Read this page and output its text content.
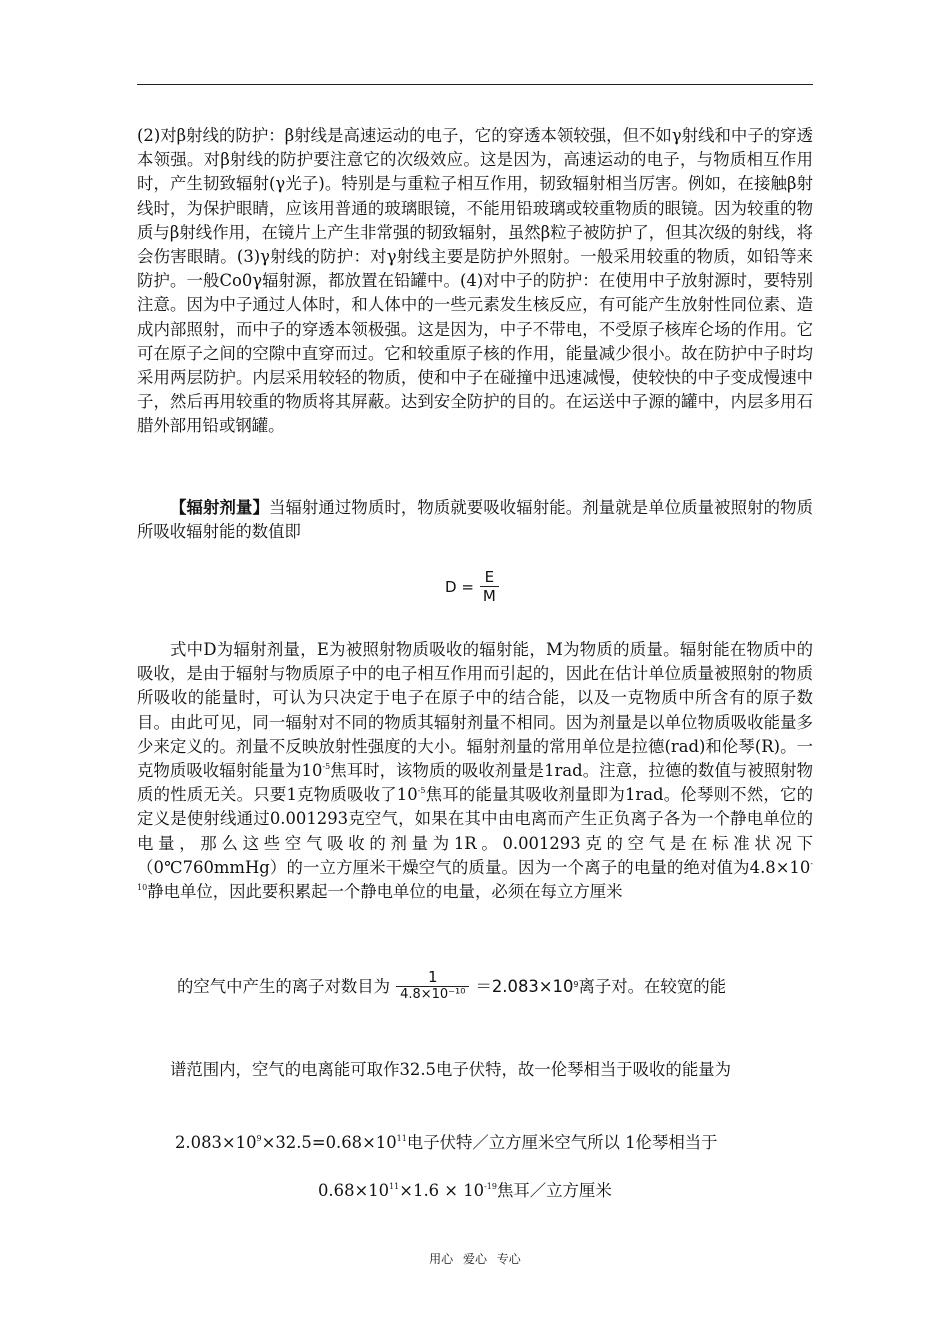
(2)对β射线的防护：β射线是高速运动的电子，它的穿透本领较强，但不如γ射线和中子的穿透本领强。对β射线的防护要注意它的次级效应。这是因为，高速运动的电子，与物质相互作用时，产生韧致辐射(γ光子)。特别是与重粒子相互作用，韧致辐射相当厉害。例如，在接触β射线时，为保护眼睛，应该用普通的玻璃眼镜，不能用铅玻璃或较重物质的眼镜。因为较重的物质与β射线作用，在镜片上产生非常强的韧致辐射，虽然β粒子被防护了，但其次级的射线，将会伤害眼睛。(3)γ射线的防护：对γ射线主要是防护外照射。一般采用较重的物质，如铅等来防护。一般Co0γ辐射源，都放置在铅罐中。(4)对中子的防护：在使用中子放射源时，要特别注意。因为中子通过人体时，和人体中的一些元素发生核反应，有可能产生放射性同位素、造成内部照射，而中子的穿透本领极强。这是因为，中子不带电，不受原子核库仑场的作用。它可在原子之间的空隙中直穿而过。它和较重原子核的作用，能量减少很小。故在防护中子时均采用两层防护。内层采用较轻的物质，使和中子在碰撞中迅速减慢，使较快的中子变成慢速中子，然后再用较重的物质将其屏蔽。达到安全防护的目的。在运送中子源的罐中，内层多用石腊外部用铅或钢罐。
【辐射剂量】当辐射通过物质时，物质就要吸收辐射能。剂量就是单位质量被照射的物质所吸收辐射能的数值即
$D = \frac{E}{M}$
式中D为辐射剂量，E为被照射物质吸收的辐射能，M为物质的质量。辐射能在物质中的吸收，是由于辐射与物质原子中的电子相互作用而引起的，因此在估计单位质量被照射的物质所吸收的能量时，可认为只决定于电子在原子中的结合能，以及一克物质中所含有的原子数目。由此可见，同一辐射对不同的物质其辐射剂量不相同。因为剂量是以单位物质吸收能量多少来定义的。剂量不反映放射性强度的大小。辐射剂量的常用单位是拉德(rad)和伦琴(R)。一克物质吸收辐射能量为$10^{-5}$焦耳时，该物质的吸收剂量是1rad。注意，拉德的数值与被照射物质的性质无关。只要1克物质吸收了$10^{-5}$焦耳的能量其吸收剂量即为1rad。伦琴则不然，它的定义是使射线通过0.001293克空气，如果在其中由电离而产生正负离子各为一个静电单位的电量，那么这些空气吸收的剂量为1R。0.001293克的空气是在标准状况下（0℃760mmHg）的一立方厘米干燥空气的质量。因为一个离子的电量的绝对值为$4.8\times 10^{-10}$静电单位，因此要积累起一个静电单位的电量，必须在每立方厘米
的空气中产生的离子对数目为 $\frac{1}{\text{4.8×10⁻¹⁰}} =2.083\times 10$ 9 离子对。在较宽的能
谱范围内，空气的电离能可取作32.5电子伏特，故一伦琴相当于吸收的能量为
$2.083\times 10^9\times 32.5=0.68\times 10^{11}$电子伏特／立方厘米空气所以 1伦琴相当于
$0.68\times 10^{11}\times 1.6 \times 10^{-19}$焦耳／立方厘米
用心 爱心 专心
